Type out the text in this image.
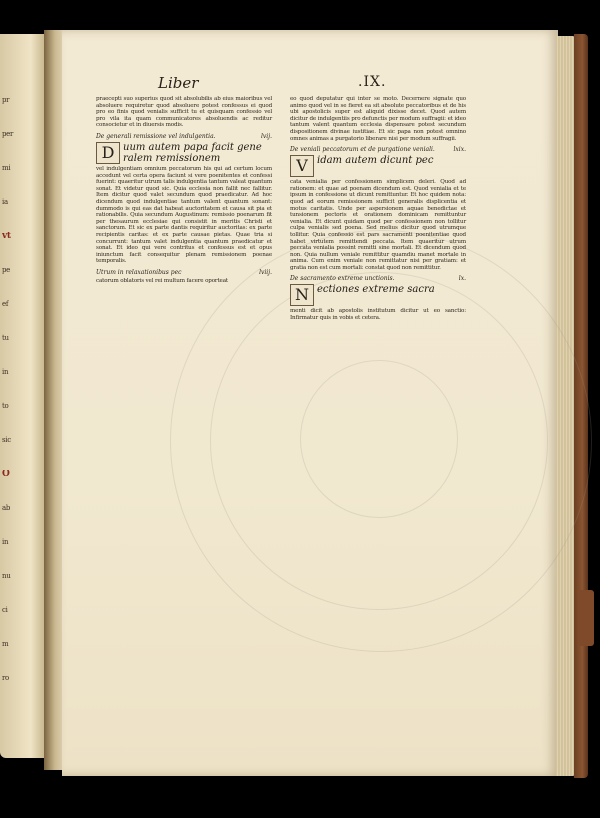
pr
per
mi
ia
vt
pe
ef
tu
in
to
sic
O
ab
in
nu
ci
m
ro
Liber	.IX.

praecepti suo superius quod sit absolubilis ab eius maioribus vel absoluere requiretur quod absoluere potest confessus ei quod pro eo finis quod venialis sufficit tu et quisquam confessio vel pro vila ita quam communicatores absoluendis ac reditur consocietur et in diuersis modis.

De generali remissione vel indulgentia.	lvij.
D uum autem papa facit gene ralem remissionem

vel indulgentiam omnium peccatorum his qui ad certum locum accedunt vel certa opera faciunt si vere poenitentes et confessi fuerint: quaeritur utrum talis indulgentia tantum valeat quantum sonat. Et videtur quod sic. Quia ecclesia non fallit nec fallitur. Item dicitur quod valet secundum quod praedicatur. Ad hoc dicendum quod indulgentiae tantum valent quantum sonant: dummodo is qui eas dat habeat auctoritatem et causa sit pia et rationabilis. Quia secundum Augustinum: remissio poenarum fit per thesaurum ecclesiae qui consistit in meritis Christi et sanctorum. Et sic ex parte dantis requiritur auctoritas: ex parte recipientis caritas: et ex parte causae pietas. Quae tria si concurrunt: tantum valet indulgentia quantum praedicatur et sonat. Et ideo qui vere contritus et confessus est et opus iniunctum facit consequitur plenam remissionem poenae temporalis.

Utrum in relaxationibus pec	lviij.

catorum oblatoris vel rei multum facere oporteat

eo quod deputatur qui inter se moto. Decernere signate quo animo quod vel in se fieret ea sit absolute peccatoribus et de his ubi apostolicis super est aliquid dixisse decet. Quod autem dicitur de indulgentiis pro defunctis per modum suffragii: et ideo tantum valent quantum ecclesia dispensare potest secundum dispositionem divinae iustitiae. Et sic papa non potest omnino omnes animas a purgatorio liberare nisi per modum suffragii.

De veniali peccatorum et de purgatione veniali.	lxix.
V idam autem dicunt pec

cata venialia per confessionem simplicem deleri. Quod ad rationem: et quae ad poenam dicendum est. Quod venialia et te ipsum in confessione ut dicunt remittuntur. Et hoc quidem nota: quod ad eorum remissionem sufficit generalis displicentia et motus caritatis. Unde per aspersionem aquae benedictae et tunsionem pectoris et orationem dominicam remittuntur venialia. Et dicunt quidam quod per confessionem non tollitur culpa venialis sed poena. Sed melius dicitur quod utrumque tollitur. Quia confessio est pars sacramenti poenitentiae quod habet virtutem remittendi peccata. Item quaeritur utrum peccata venialia possint remitti sine mortali. Et dicendum quod non. Quia nullum veniale remittitur quamdiu manet mortale in anima. Cum enim veniale non remittatur nisi per gratiam: et gratia non est cum mortali: constat quod non remittitur.

De sacramento extreme unctionis.	lx.
N ectiones extreme sacra

menti dicit ab apostolis institutum dicitur ut eo sanctio: Infirmatur quis in vobis et cetera.
